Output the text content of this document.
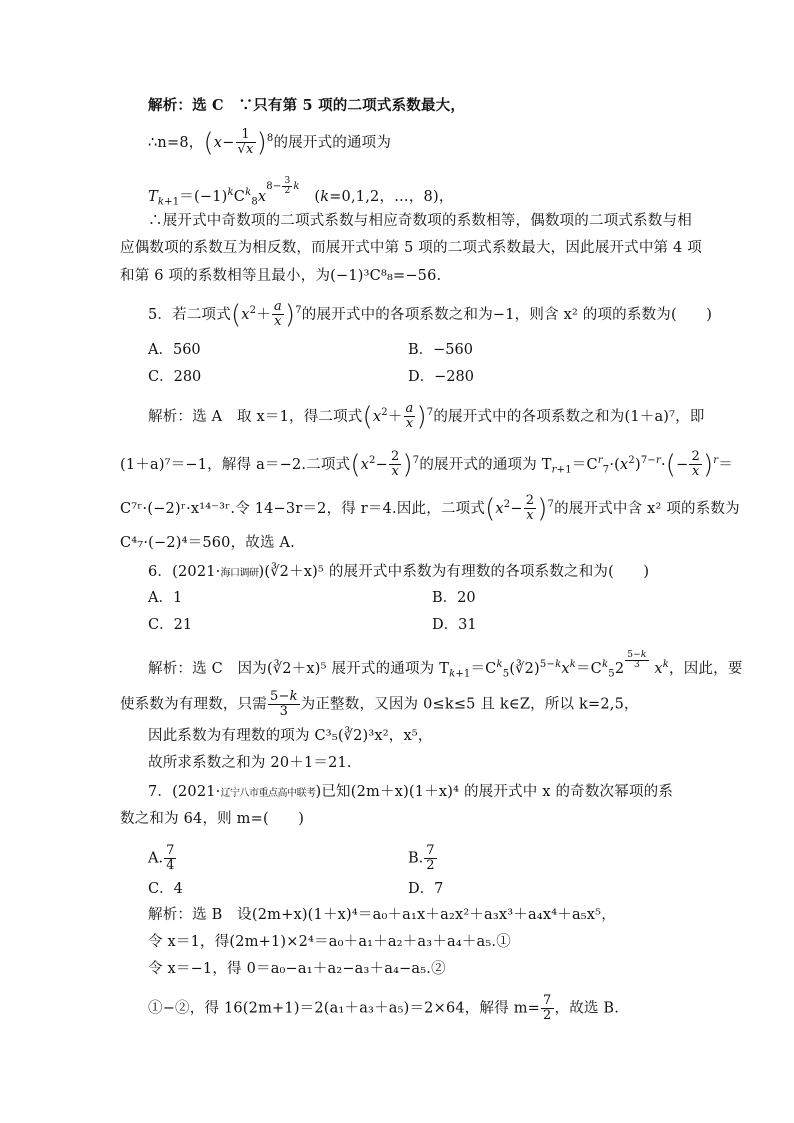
解析：选 C　∵只有第 5 项的二项式系数最大，
∴n=8，$(x- \frac{1}{√x} )^8$的展开式的通项为
$T_{k+1}=(-1)^kC^k_8x^{8- \frac{3}{2} k}$　(k=0,1,2，…，8)，
∴展开式中奇数项的二项式系数与相应奇数项的系数相等，偶数项的二项式系数与相
应偶数项的系数互为相反数，而展开式中第 5 项的二项式系数最大，因此展开式中第 4 项
和第 6 项的系数相等且最小，为(−1)³C⁸₈=−56.
5．若二项式$(x^2+ \frac{a}{x} )^7$的展开式中的各项系数之和为−1，则含 x² 的项的系数为(　　)
A．560	B．−560
C．280	D．−280
解析：选 A　取 x＝1，得二项式$(x^2+ \frac{a}{x} )^7$的展开式中的各项系数之和为(1＋a)⁷，即
(1＋a)⁷＝−1，解得 a＝−2.二项式$(x^2- \frac{2}{x} )^7$的展开式的通项为 $T_{r+1}=C^r_7\cdot(x^2)^{7-r}\cdot(- \frac{2}{x} )^r=$
C⁷ʳ·(−2)ʳ·x¹⁴⁻³ʳ.令 14−3r＝2，得 r＝4.因此，二项式$(x^2- \frac{2}{x} )^7$的展开式中含 x² 项的系数为
C⁴₇·(−2)⁴＝560，故选 A.
6．(2021·海口调研)(∛2＋x)⁵ 的展开式中系数为有理数的各项系数之和为(　　)
A．1	B．20
C．21	D．31
解析：选 C　因为(∛2＋x)⁵ 展开式的通项为 $T_{k+1}=C^k_5(∛2)^{5-k}x^k=C^k_52$ $^{\frac{5-k}{3}}$ $x^k$，因此，要
使系数为有理数，只需 $\frac{5-k}{3}$ 为正整数，又因为 0≤k≤5 且 k∈Z，所以 k=2,5，
因此系数为有理数的项为 C³₅(∛2)³x²，x⁵，
故所求系数之和为 20＋1＝21.
7．(2021·辽宁八市重点高中联考)已知(2m＋x)(1＋x)⁴ 的展开式中 x 的奇数次幂项的系
数之和为 64，则 m=(　　)
A. $\frac{7}{4}$	B. $\frac{7}{2}$
C．4	D．7
解析：选 B　设(2m+x)(1＋x)⁴＝a₀＋a₁x＋a₂x²＋a₃x³＋a₄x⁴＋a₅x⁵，
令 x＝1，得(2m+1)×2⁴＝a₀＋a₁＋a₂＋a₃＋a₄＋a₅.①
令 x＝−1，得 0＝a₀−a₁＋a₂−a₃＋a₄−a₅.②
①−②，得 16(2m+1)＝2(a₁＋a₃＋a₅)＝2×64，解得 $m= \frac{7}{2}$ ，故选 B.
